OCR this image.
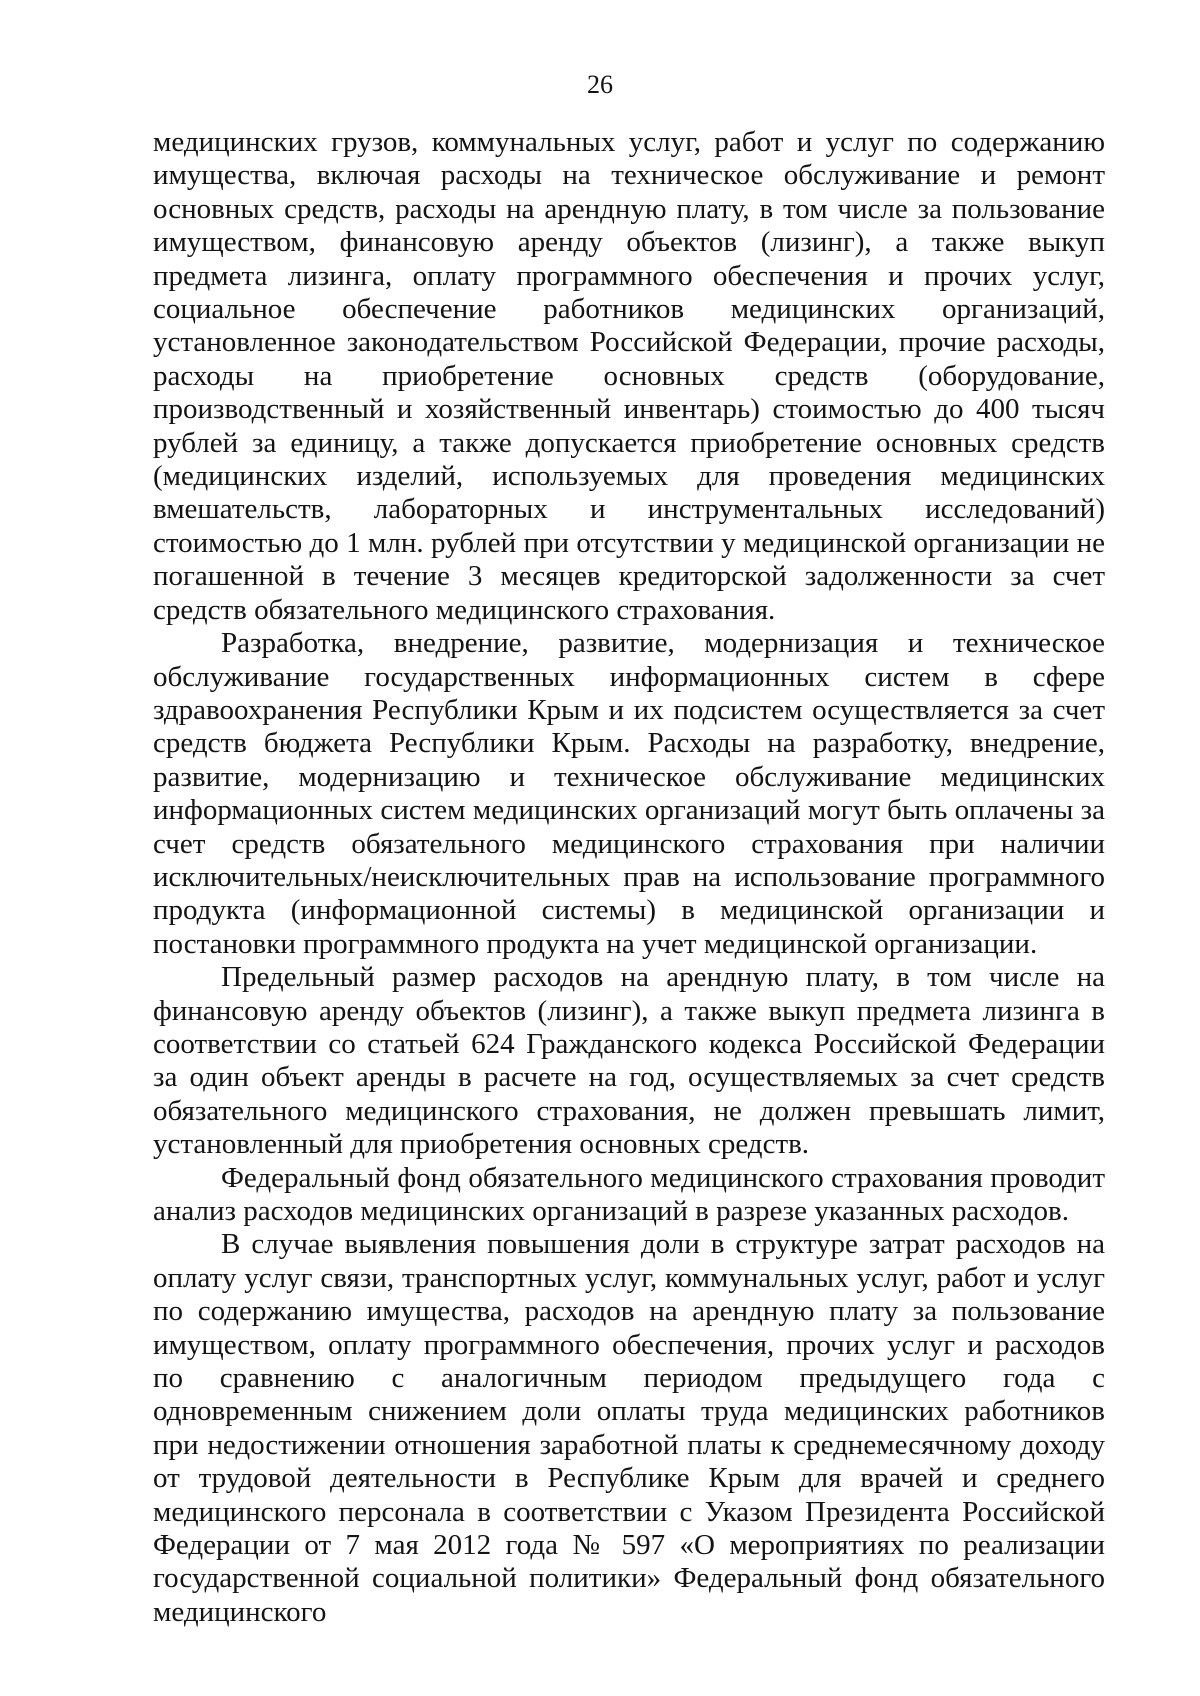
26

медицинских грузов, коммунальных услуг, работ и услуг по содержанию имущества, включая расходы на техническое обслуживание и ремонт основных средств, расходы на арендную плату, в том числе за пользование имуществом, финансовую аренду объектов (лизинг), а также выкуп предмета лизинга, оплату программного обеспечения и прочих услуг, социальное обеспечение работников медицинских организаций, установленное законодательством Российской Федерации, прочие расходы, расходы на приобретение основных средств (оборудование, производственный и хозяйственный инвентарь) стоимостью до 400 тысяч рублей за единицу, а также допускается приобретение основных средств (медицинских изделий, используемых для проведения медицинских вмешательств, лабораторных и инструментальных исследований) стоимостью до 1 млн. рублей при отсутствии у медицинской организации не погашенной в течение 3 месяцев кредиторской задолженности за счет средств обязательного медицинского страхования.

Разработка, внедрение, развитие, модернизация и техническое обслуживание государственных информационных систем в сфере здравоохранения Республики Крым и их подсистем осуществляется за счет средств бюджета Республики Крым. Расходы на разработку, внедрение, развитие, модернизацию и техническое обслуживание медицинских информационных систем медицинских организаций могут быть оплачены за счет средств обязательного медицинского страхования при наличии исключительных/неисключительных прав на использование программного продукта (информационной системы) в медицинской организации и постановки программного продукта на учет медицинской организации.

Предельный размер расходов на арендную плату, в том числе на финансовую аренду объектов (лизинг), а также выкуп предмета лизинга в соответствии со статьей 624 Гражданского кодекса Российской Федерации за один объект аренды в расчете на год, осуществляемых за счет средств обязательного медицинского страхования, не должен превышать лимит, установленный для приобретения основных средств.

Федеральный фонд обязательного медицинского страхования проводит анализ расходов медицинских организаций в разрезе указанных расходов.

В случае выявления повышения доли в структуре затрат расходов на оплату услуг связи, транспортных услуг, коммунальных услуг, работ и услуг по содержанию имущества, расходов на арендную плату за пользование имуществом, оплату программного обеспечения, прочих услуг и расходов по сравнению с аналогичным периодом предыдущего года с одновременным снижением доли оплаты труда медицинских работников при недостижении отношения заработной платы к среднемесячному доходу от трудовой деятельности в Республике Крым для врачей и среднего медицинского персонала в соответствии с Указом Президента Российской Федерации от 7 мая 2012 года № 597 «О мероприятиях по реализации государственной социальной политики» Федеральный фонд обязательного медицинского
